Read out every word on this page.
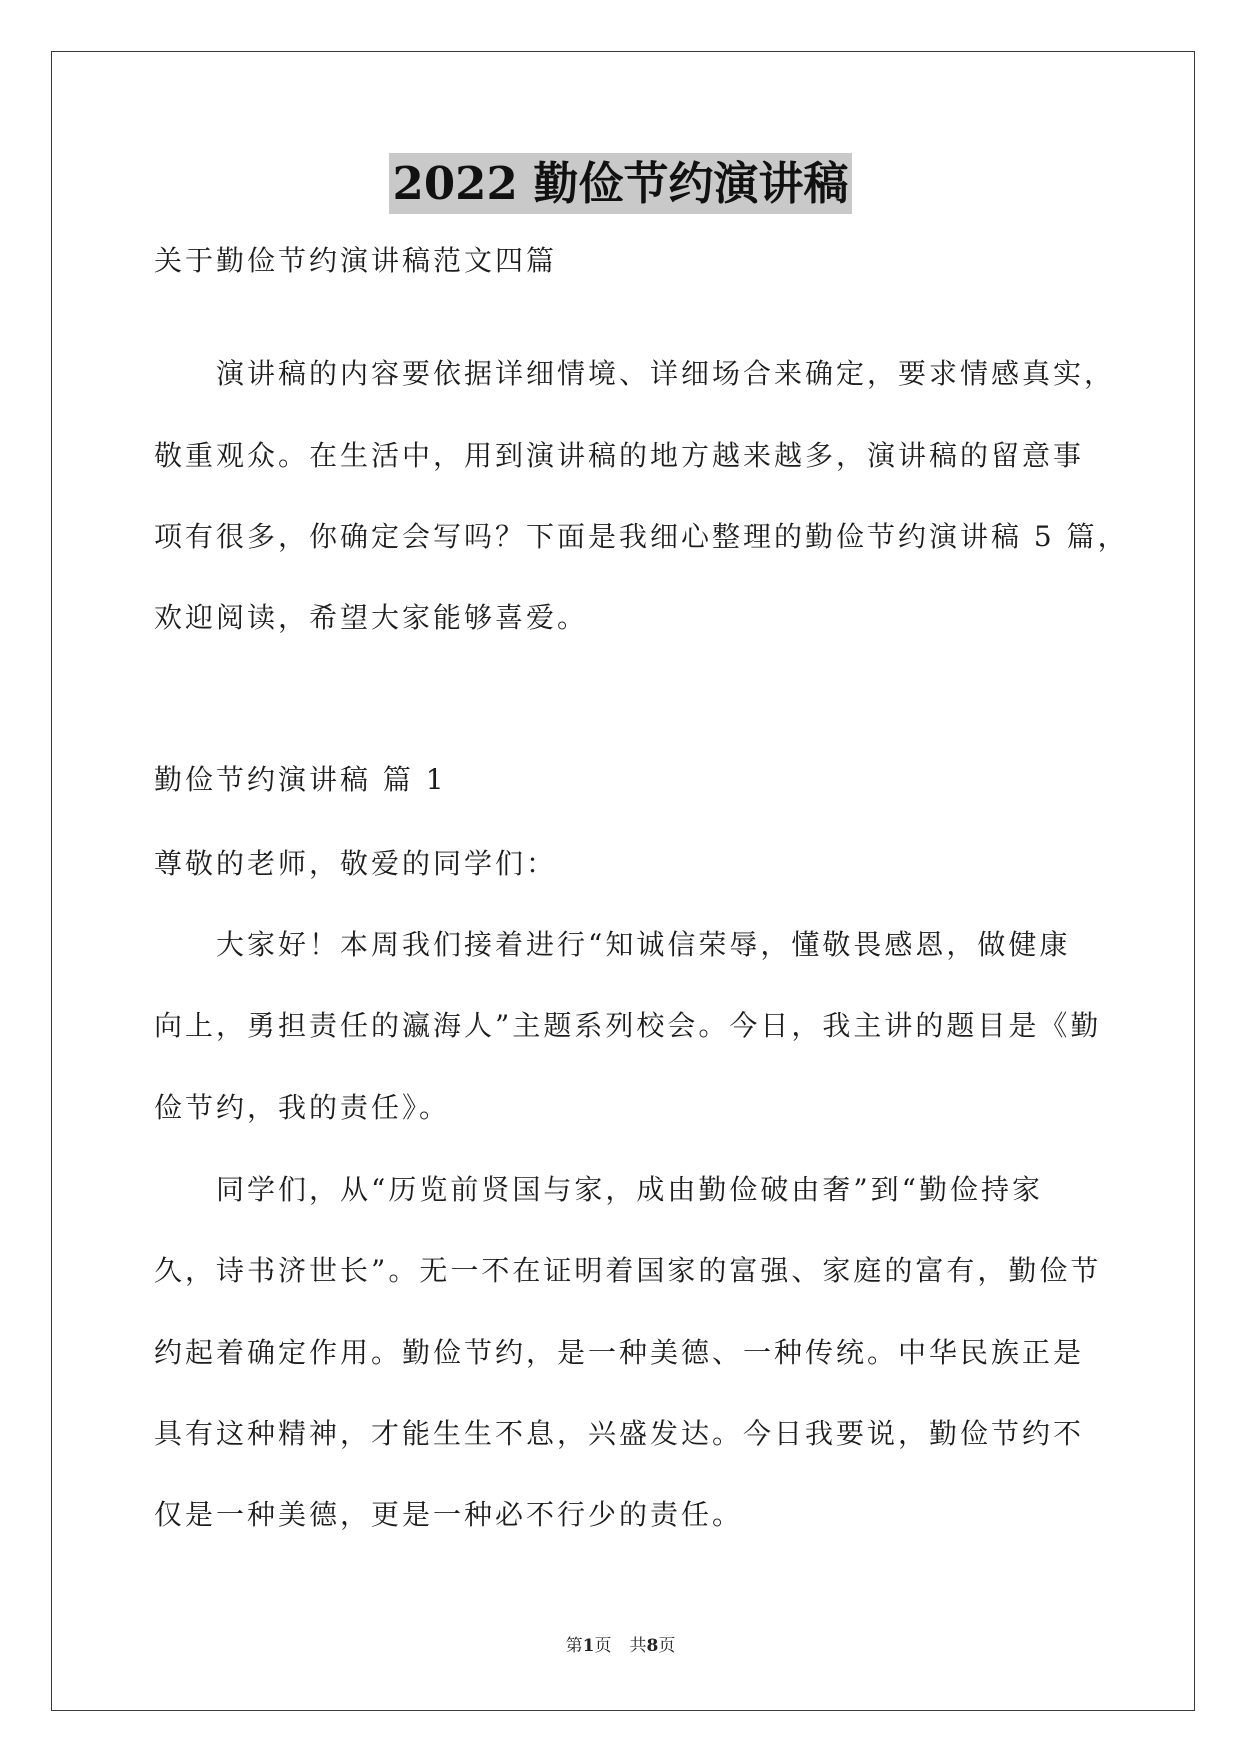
2022 勤俭节约演讲稿
关于勤俭节约演讲稿范文四篇
演讲稿的内容要依据详细情境、详细场合来确定，要求情感真实，
敬重观众。在生活中，用到演讲稿的地方越来越多，演讲稿的留意事
项有很多，你确定会写吗？下面是我细心整理的勤俭节约演讲稿 5 篇，
欢迎阅读，希望大家能够喜爱。
勤俭节约演讲稿 篇 1
尊敬的老师，敬爱的同学们：
大家好！本周我们接着进行“知诚信荣辱，懂敬畏感恩，做健康
向上，勇担责任的瀛海人”主题系列校会。今日，我主讲的题目是《勤
俭节约，我的责任》。
同学们，从“历览前贤国与家，成由勤俭破由奢”到“勤俭持家
久，诗书济世长”。无一不在证明着国家的富强、家庭的富有，勤俭节
约起着确定作用。勤俭节约，是一种美德、一种传统。中华民族正是
具有这种精神，才能生生不息，兴盛发达。今日我要说，勤俭节约不
仅是一种美德，更是一种必不行少的责任。
第1页 共8页
